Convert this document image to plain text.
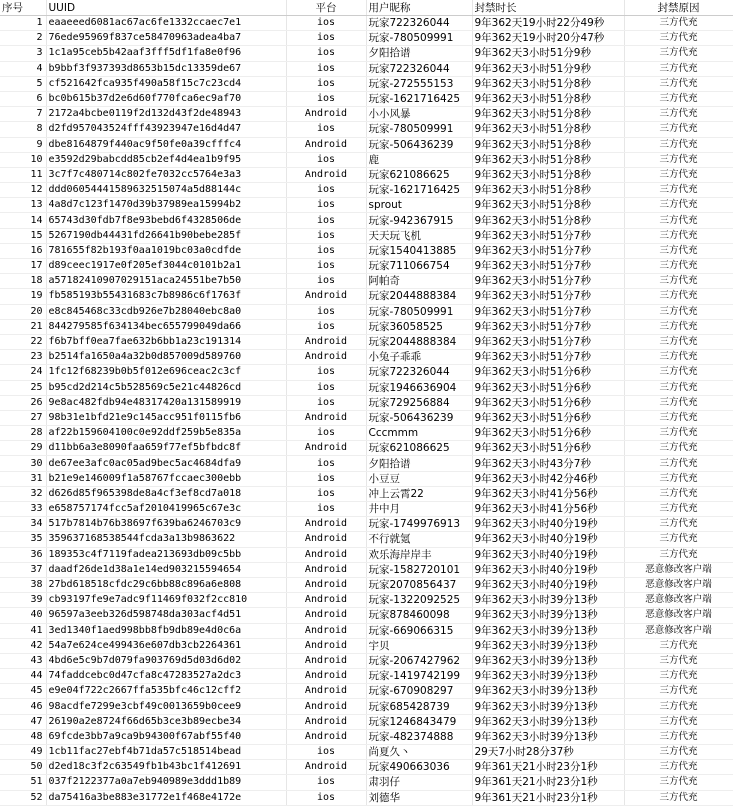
序号	UUID	平台	用户昵称	封禁时长	封禁原因
1	eaaeeed6081ac67ac6fe1332ccaec7e1	ios	玩家722326044	9年362天19小时22分49秒	三方代充
2	76ede95969f837ce58470963adea4ba7	ios	玩家-780509991	9年362天19小时20分47秒	三方代充
3	1c1a95ceb5b42aaf3fff5df1fa8e0f96	ios	夕阳拾谱	9年362天3小时51分9秒	三方代充
4	b9bbf3f937393d8653b15dc13359de67	ios	玩家722326044	9年362天3小时51分9秒	三方代充
5	cf521642fca935f490a58f15c7c23cd4	ios	玩家-272555153	9年362天3小时51分8秒	三方代充
6	bc0b615b37d2e6d60f770fca6ec9af70	ios	玩家-1621716425	9年362天3小时51分8秒	三方代充
7	2172a4bcbe0119f2d132d43f2de48943	Android	小小风暴	9年362天3小时51分8秒	三方代充
8	d2fd957043524fff43923947e16d4d47	ios	玩家-780509991	9年362天3小时51分8秒	三方代充
9	dbe8164879f440ac9f50fe0a39cfffc4	Android	玩家-506436239	9年362天3小时51分8秒	三方代充
10	e3592d29babcdd85cb2ef4d4ea1b9f95	ios	鹿	9年362天3小时51分8秒	三方代充
11	3c7f7c480714c802fe7032cc5764e3a3	Android	玩家621086625	9年362天3小时51分8秒	三方代充
12	ddd06054441589632515074a5d88144c	ios	玩家-1621716425	9年362天3小时51分8秒	三方代充
13	4a8d7c123f1470d39b37989ea15994b2	ios	sprout	9年362天3小时51分8秒	三方代充
14	65743d30fdb7f8e93bebd6f4328506de	ios	玩家-942367915	9年362天3小时51分8秒	三方代充
15	5267190db44431fd26641b90bebe285f	ios	天天玩飞机	9年362天3小时51分7秒	三方代充
16	781655f82b193f0aa1019bc03a0cdfde	ios	玩家1540413885	9年362天3小时51分7秒	三方代充
17	d89ceec1917e0f205ef3044c0101b2a1	ios	玩家711066754	9年362天3小时51分7秒	三方代充
18	a5718241090702915​1aca24551be7b50	ios	阿帕奇	9年362天3小时51分7秒	三方代充
19	fb585193b55431683c7b8986c6f1763f	Android	玩家2044888384	9年362天3小时51分7秒	三方代充
20	e8c845468c33cdb926e7b28040ebc8a0	ios	玩家-780509991	9年362天3小时51分7秒	三方代充
21	844279585f634134bec655799049da66	ios	玩家36058525	9年362天3小时51分7秒	三方代充
22	f6b7bff0ea7fae632b6bb1a23c191314	Android	玩家2044888384	9年362天3小时51分7秒	三方代充
23	b2514fa1650a4a32b0d857009d589760	Android	小兔子乖乖	9年362天3小时51分7秒	三方代充
24	1fc12f68239b0b5f012e696ceac2c3cf	ios	玩家722326044	9年362天3小时51分6秒	三方代充
25	b95cd2d214c5b528569c5e21c44826cd	ios	玩家1946636904	9年362天3小时51分6秒	三方代充
26	9e8ac482fdb94e48317420a131589919	ios	玩家729256884	9年362天3小时51分6秒	三方代充
27	98b31e1bfd21e9c145acc951f0115fb6	Android	玩家-506436239	9年362天3小时51分6秒	三方代充
28	af22b159604100c0e92ddf259b5e835a	ios	Cccmmm	9年362天3小时51分6秒	三方代充
29	d11bb6a3e8090faa659f77ef5bfbdc8f	Android	玩家621086625	9年362天3小时51分6秒	三方代充
30	de67ee3afc0ac05ad9bec5ac4684dfa9	ios	夕阳拾谱	9年362天3小时43分7秒	三方代充
31	b21e9e146009f1a58767fccaec300ebb	ios	小豆豆	9年362天3小时42分46秒	三方代充
32	d626d85f965398de8a4cf3ef8cd7a018	ios	冲上云霄22	9年362天3小时41分56秒	三方代充
33	e658757174fcc5af2010419965c67e3c	ios	井中月	9年362天3小时41分56秒	三方代充
34	517b7814b76b38697f639ba6246703c9	Android	玩家-1749976913	9年362天3小时40分19秒	三方代充
35	3596371685385​44fcda3a13b9863622	Android	不行就氪	9年362天3小时40分19秒	三方代充
36	189353c4f7119fadea213693db09c5bb	Android	欢乐海岸岸丰	9年362天3小时40分19秒	三方代充
37	daadf26de1d38a1e14ed903215594654	Android	玩家-1582720101	9年362天3小时40分19秒	恶意修改客户端
38	27bd618518cfdc29c6bb88c896a6e808	Android	玩家2070856437	9年362天3小时40分19秒	恶意修改客户端
39	cb93197fe9e7adc9f11469f032f2cc810	Android	玩家-1322092525	9年362天3小时39分13秒	恶意修改客户端
40	96597a3eeb326d598748da303acf4d51	Android	玩家878460098	9年362天3小时39分13秒	恶意修改客户端
41	3ed1340f1aed998bb8fb9db89e4d0c6a	Android	玩家-669066315	9年362天3小时39分13秒	恶意修改客户端
42	54a7e624ce499436e607db3cb2264361	Android	宇贝	9年362天3小时39分13秒	三方代充
43	4bd6e5c9b7d079fa903769d5d03d6d02	Android	玩家-2067427962	9年362天3小时39分13秒	三方代充
44	74faddcebc0d47cfa8c47283527a2dc3	Android	玩家-1419742199	9年362天3小时39分13秒	三方代充
45	e9e04f722c2667ffa535bfc46c12cff2	Android	玩家-670908297	9年362天3小时39分13秒	三方代充
46	98acdfe7299e3cbf49c0013659b0cee9	Android	玩家685428739	9年362天3小时39分13秒	三方代充
47	26190a2e8724f66d65b3ce3b89ecbe34	Android	玩家1246843479	9年362天3小时39分13秒	三方代充
48	69fcde3bb7a9ca9b94300f67abf55f40	Android	玩家-482374888	9年362天3小时39分13秒	三方代充
49	1cb11fac27ebf4b71da57c518514bead	ios	尚夏久丶	29天7小时28分37秒	三方代充
50	d2ed18c3f2c63549fb1b43bc1f412691	Android	玩家490663036	9年361天21小时23分1秒	三方代充
51	037f2122377a0a7eb940989e3ddd1b89	ios	肃羽仔	9年361天21小时23分1秒	三方代充
52	da75416a3be883e31772e1f468e4172e	ios	刘德华	9年361天21小时23分1秒	三方代充
